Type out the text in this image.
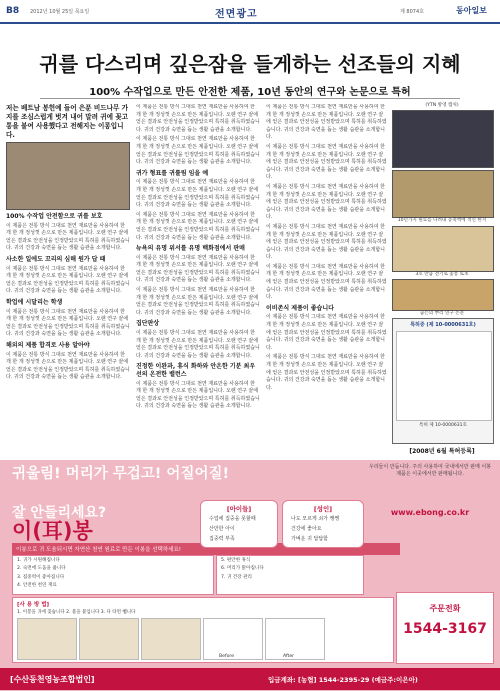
B8 2012년 10월 25일 목요일	전면광고	제 8074호	동아일보
귀를 다스리며 깊은잠을 들게하는 선조들의 지혜
100% 수작업으로 만든 안전한 제품, 10년 동안의 연구와 논문으로 특허

저는 베트남 봉헌예 들어 은푼 비드나무 가지를 조심스럽게 벗겨 내어 말려 귀에 꽂고 통을 붙여 사용했다고 전해지는 이롱입니다.

100% 수작업 안전함으로 귀를 보호

이 제품은 전통 방식 그대로 천연 재료만을 사용하여 한 개 한 개 정성껏 손으로 만든 제품입니다. 오랜 연구 끝에 얻은 결과로 안전성을 인정받았으며 특허를 취득하였습니다. 귀의 건강과 숙면을 돕는 생활 습관을 소개합니다.

사소한 일에도 꼬리의 심해 원가 답 때

이 제품은 전통 방식 그대로 천연 재료만을 사용하여 한 개 한 개 정성껏 손으로 만든 제품입니다. 오랜 연구 끝에 얻은 결과로 안전성을 인정받았으며 특허를 취득하였습니다. 귀의 건강과 숙면을 돕는 생활 습관을 소개합니다.

학업에 시달리는 학생

이 제품은 전통 방식 그대로 천연 재료만을 사용하여 한 개 한 개 정성껏 손으로 만든 제품입니다. 오랜 연구 끝에 얻은 결과로 안전성을 인정받았으며 특허를 취득하였습니다. 귀의 건강과 숙면을 돕는 생활 습관을 소개합니다.

해외의 제품 합격로 사용 알아야

이 제품은 전통 방식 그대로 천연 재료만을 사용하여 한 개 한 개 정성껏 손으로 만든 제품입니다. 오랜 연구 끝에 얻은 결과로 안전성을 인정받았으며 특허를 취득하였습니다. 귀의 건강과 숙면을 돕는 생활 습관을 소개합니다.

이 제품은 전통 방식 그대로 천연 재료만을 사용하여 한 개 한 개 정성껏 손으로 만든 제품입니다. 오랜 연구 끝에 얻은 결과로 안전성을 인정받았으며 특허를 취득하였습니다. 귀의 건강과 숙면을 돕는 생활 습관을 소개합니다.

이 제품은 전통 방식 그대로 천연 재료만을 사용하여 한 개 한 개 정성껏 손으로 만든 제품입니다. 오랜 연구 끝에 얻은 결과로 안전성을 인정받았으며 특허를 취득하였습니다. 귀의 건강과 숙면을 돕는 생활 습관을 소개합니다.

귀가 형표를 귀룰림 임을 예

이 제품은 전통 방식 그대로 천연 재료만을 사용하여 한 개 한 개 정성껏 손으로 만든 제품입니다. 오랜 연구 끝에 얻은 결과로 안전성을 인정받았으며 특허를 취득하였습니다. 귀의 건강과 숙면을 돕는 생활 습관을 소개합니다.

이 제품은 전통 방식 그대로 천연 재료만을 사용하여 한 개 한 개 정성껏 손으로 만든 제품입니다. 오랜 연구 끝에 얻은 결과로 안전성을 인정받았으며 특허를 취득하였습니다. 귀의 건강과 숙면을 돕는 생활 습관을 소개합니다.

뉴욕의 유명 위서를 유명 백화점에서 판매

이 제품은 전통 방식 그대로 천연 재료만을 사용하여 한 개 한 개 정성껏 손으로 만든 제품입니다. 오랜 연구 끝에 얻은 결과로 안전성을 인정받았으며 특허를 취득하였습니다. 귀의 건강과 숙면을 돕는 생활 습관을 소개합니다.

이 제품은 전통 방식 그대로 천연 재료만을 사용하여 한 개 한 개 정성껏 손으로 만든 제품입니다. 오랜 연구 끝에 얻은 결과로 안전성을 인정받았으며 특허를 취득하였습니다. 귀의 건강과 숙면을 돕는 생활 습관을 소개합니다.

집단판상

이 제품은 전통 방식 그대로 천연 재료만을 사용하여 한 개 한 개 정성껏 손으로 만든 제품입니다. 오랜 연구 끝에 얻은 결과로 안전성을 인정받았으며 특허를 취득하였습니다. 귀의 건강과 숙면을 돕는 생활 습관을 소개합니다.

진정한 이완과, 휴식 화하와 안온한 기분 최우선의 온전한 밸런스

이 제품은 전통 방식 그대로 천연 재료만을 사용하여 한 개 한 개 정성껏 손으로 만든 제품입니다. 오랜 연구 끝에 얻은 결과로 안전성을 인정받았으며 특허를 취득하였습니다. 귀의 건강과 숙면을 돕는 생활 습관을 소개합니다.

이 제품은 전통 방식 그대로 천연 재료만을 사용하여 한 개 한 개 정성껏 손으로 만든 제품입니다. 오랜 연구 끝에 얻은 결과로 안전성을 인정받았으며 특허를 취득하였습니다. 귀의 건강과 숙면을 돕는 생활 습관을 소개합니다.

이 제품은 전통 방식 그대로 천연 재료만을 사용하여 한 개 한 개 정성껏 손으로 만든 제품입니다. 오랜 연구 끝에 얻은 결과로 안전성을 인정받았으며 특허를 취득하였습니다. 귀의 건강과 숙면을 돕는 생활 습관을 소개합니다.

이 제품은 전통 방식 그대로 천연 재료만을 사용하여 한 개 한 개 정성껏 손으로 만든 제품입니다. 오랜 연구 끝에 얻은 결과로 안전성을 인정받았으며 특허를 취득하였습니다. 귀의 건강과 숙면을 돕는 생활 습관을 소개합니다.

이 제품은 전통 방식 그대로 천연 재료만을 사용하여 한 개 한 개 정성껏 손으로 만든 제품입니다. 오랜 연구 끝에 얻은 결과로 안전성을 인정받았으며 특허를 취득하였습니다. 귀의 건강과 숙면을 돕는 생활 습관을 소개합니다.

이 제품은 전통 방식 그대로 천연 재료만을 사용하여 한 개 한 개 정성껏 손으로 만든 제품입니다. 오랜 연구 끝에 얻은 결과로 안전성을 인정받았으며 특허를 취득하였습니다. 귀의 건강과 숙면을 돕는 생활 습관을 소개합니다.

이비존식 제품이 좋습니다

이 제품은 전통 방식 그대로 천연 재료만을 사용하여 한 개 한 개 정성껏 손으로 만든 제품입니다. 오랜 연구 끝에 얻은 결과로 안전성을 인정받았으며 특허를 취득하였습니다. 귀의 건강과 숙면을 돕는 생활 습관을 소개합니다.

이 제품은 전통 방식 그대로 천연 재료만을 사용하여 한 개 한 개 정성껏 손으로 만든 제품입니다. 오랜 연구 끝에 얻은 결과로 안전성을 인정받았으며 특허를 취득하였습니다. 귀의 건강과 숙면을 돕는 생활 습관을 소개합니다.

(YTN 방영 캡처)
10년가지 원료를 다려내 농축액에 적신 한지
3호 만큼 전기로 꽃봉 토초
숨은의 뿌리 연구 논문
특허증 (제 10-0000631호)
특허 제 10-0000631호
[2008년 6월 특허등록]
귀울림! 머리가 무겁고! 어질어질!
잘 안들리세요?
이(耳)봉
이봉으로 귀 도움되시면 자연산 천연 원료로 만든 이봉을 선택하세요!
[아이들]
수업에 집중을 못할때
산만한 아이
집중력 부족
[성인]
나도 모르게 쇠가 쨍쨍
건강에 좋아요
가벼운 귀 답답함
우리들이 만듭니다. 주의 사용하여 국내에서만 판매 이봉 제품은 이곳에서만 판매됩니다.
www.ebong.co.kr
1. 귀가 시원해집니다
2. 숙면에 도움을 줍니다
3. 집중력이 좋아집니다
4. 안전한 천연 재료
5. 편안한 휴식
6. 머리가 맑아집니다
7. 귀 건강 관리
[사 용 방 법]
1. 이봉을 귀에 꽂습니다 2. 불을 붙입니다 3. 다 타면 뺍니다
Before	After
주문전화
1544-3167
[수산동천영농조합법인]	입금계좌: [농협] 1544-2395-29 (예금주:이은아)
